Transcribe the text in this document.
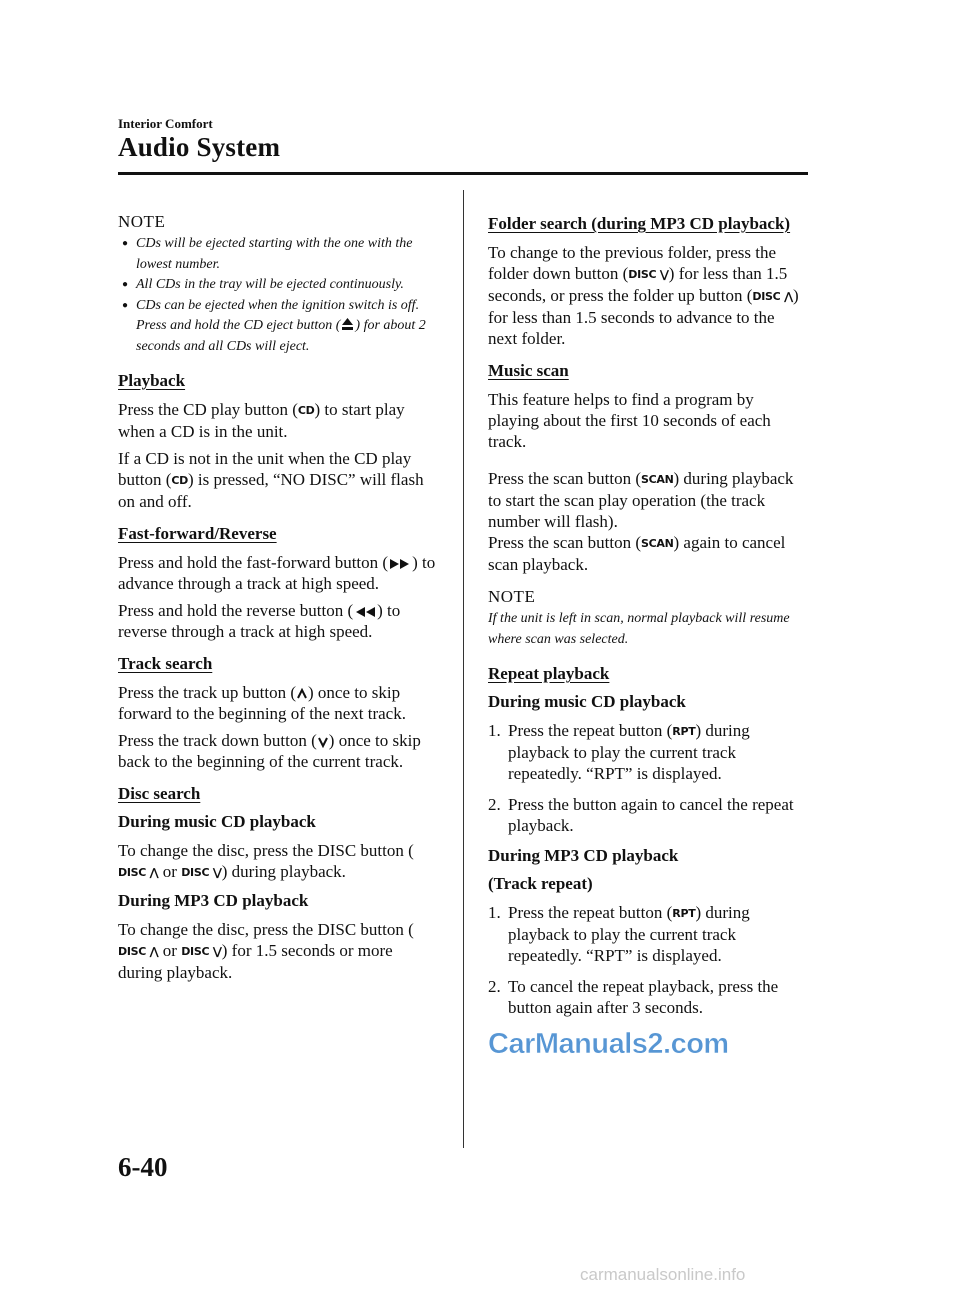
Interior Comfort
Audio System
NOTE
● CDs will be ejected starting with the one with the lowest number.
● All CDs in the tray will be ejected continuously.
● CDs can be ejected when the ignition switch is off. Press and hold the CD eject button ( ) for about 2 seconds and all CDs will eject.
Playback

Press the CD play button (CD) to start play when a CD is in the unit.

If a CD is not in the unit when the CD play button (CD) is pressed, “NO DISC” will flash on and off.

Fast-forward/Reverse

Press and hold the fast-forward button ( ) to advance through a track at high speed.

Press and hold the reverse button ( ) to reverse through a track at high speed.

Track search

Press the track up button ( ) once to skip forward to the beginning of the next track.

Press the track down button ( ) once to skip back to the beginning of the current track.

Disc search
During music CD playback

To change the disc, press the DISC button (DISC ⋀ or DISC ⋁) during playback.

During MP3 CD playback

To change the disc, press the DISC button (DISC ⋀ or DISC ⋁) for 1.5 seconds or more during playback.

Folder search (during MP3 CD playback)

To change to the previous folder, press the folder down button (DISC ⋁) for less than 1.5 seconds, or press the folder up button (DISC ⋀) for less than 1.5 seconds to advance to the next folder.

Music scan

This feature helps to find a program by playing about the first 10 seconds of each track.

Press the scan button (SCAN) during playback to start the scan play operation (the track number will flash).

Press the scan button (SCAN) again to cancel scan playback.

NOTE

If the unit is left in scan, normal playback will resume where scan was selected.

Repeat playback
During music CD playback
1. Press the repeat button (RPT) during playback to play the current track repeatedly. “RPT” is displayed.
2. Press the button again to cancel the repeat playback.
During MP3 CD playback
(Track repeat)
1. Press the repeat button (RPT) during playback to play the current track repeatedly. “RPT” is displayed.
2. To cancel the repeat playback, press the button again after 3 seconds.
CarManuals2.com
6-40
carmanualsonline.info
